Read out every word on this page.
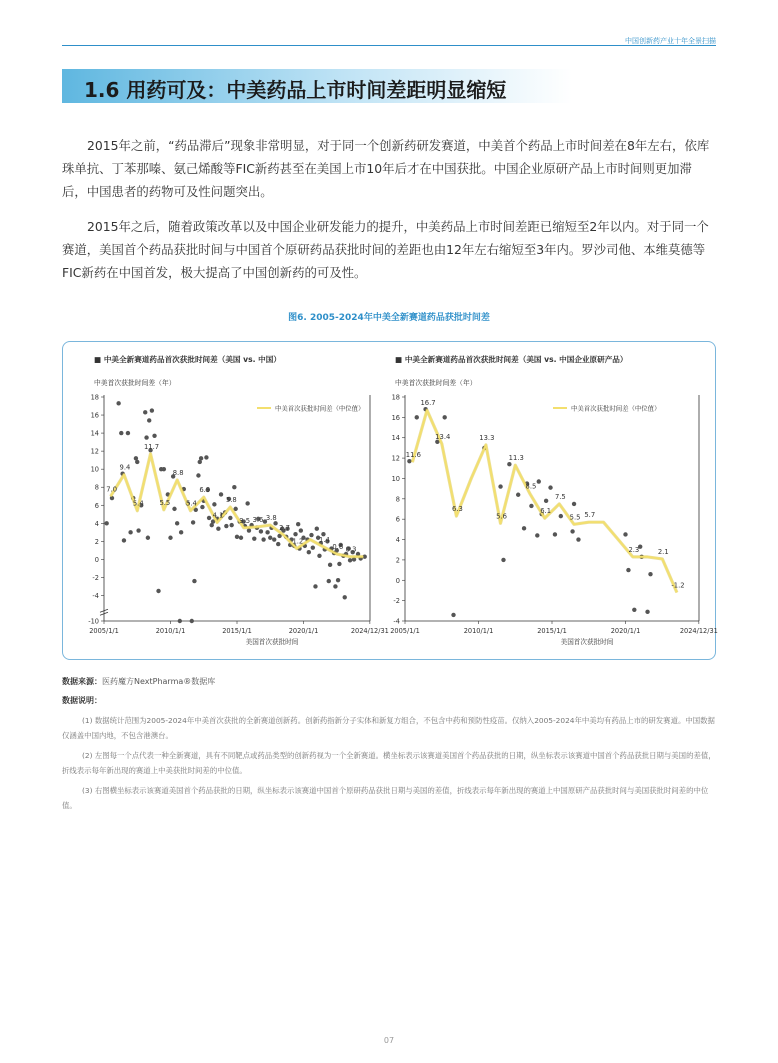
中国创新药产业十年全景扫描
1.6 用药可及：中美药品上市时间差距明显缩短

2015年之前，“药品滞后”现象非常明显，对于同一个创新药研发赛道，中美首个药品上市时间差在8年左右，依库珠单抗、丁苯那嗪、氨己烯酸等FIC新药甚至在美国上市10年后才在中国获批。中国企业原研产品上市时间则更加滞后，中国患者的药物可及性问题突出。

2015年之后，随着政策改革以及中国企业研发能力的提升，中美药品上市时间差距已缩短至2年以内。对于同一个赛道，美国首个药品获批时间与中国首个原研药品获批时间的差距也由12年左右缩短至3年内。罗沙司他、本维莫德等FIC新药在中国首发，极大提高了中国创新药的可及性。

图6. 2005-2024年中美全新赛道药品获批时间差
■ 中美全新赛道药品首次获批时间差（美国 vs. 中国）
中美首次获批时间差（年）
-10
-4
-2
0
2
4
6
8
10
12
14
16
18
2005/1/1	2010/1/1	2015/1/1	2020/1/1	2024/12/31
美国首次获批时间
中美首次获批时间差（中位值）
7.0
9.4
5.4
11.7
5.5
8.8
5.4
6.9
4.1
5.8
3.5 3.6 3.8
2.7
1.2 1.4
0.6 0.3
■ 中美全新赛道药品首次获批时间差（美国 vs. 中国企业原研产品）
中美首次获批时间差（年）
-4
-2
0
2
4
6
8
10
12
14
16
18
2005/1/1	2010/1/1	2015/1/1	2020/1/1	2024/12/31
美国首次获批时间
中美首次获批时间差（中位值）
11.6
16.7
13.4
6.3
13.3
5.6
11.3
8.5
6.1
7.5
5.5 5.7
2.3	2.1
-1.2
数据来源：医药魔方NextPharma®数据库
数据说明：

(1) 数据统计范围为2005-2024年中美首次获批的全新赛道创新药。创新药指新分子实体和新复方组合，不包含中药和预防性疫苗。仅纳入2005-2024年中美均有药品上市的研发赛道。中国数据仅涵盖中国内地，不包含港澳台。

(2) 左图每一个点代表一种全新赛道，具有不同靶点或药品类型的创新药视为一个全新赛道。横坐标表示该赛道美国首个药品获批的日期，纵坐标表示该赛道中国首个药品获批日期与美国的差值，折线表示每年新出现的赛道上中美获批时间差的中位值。

(3) 右图横坐标表示该赛道美国首个药品获批的日期，纵坐标表示该赛道中国首个原研药品获批日期与美国的差值，折线表示每年新出现的赛道上中国原研产品获批时间与美国获批时间差的中位值。

07
